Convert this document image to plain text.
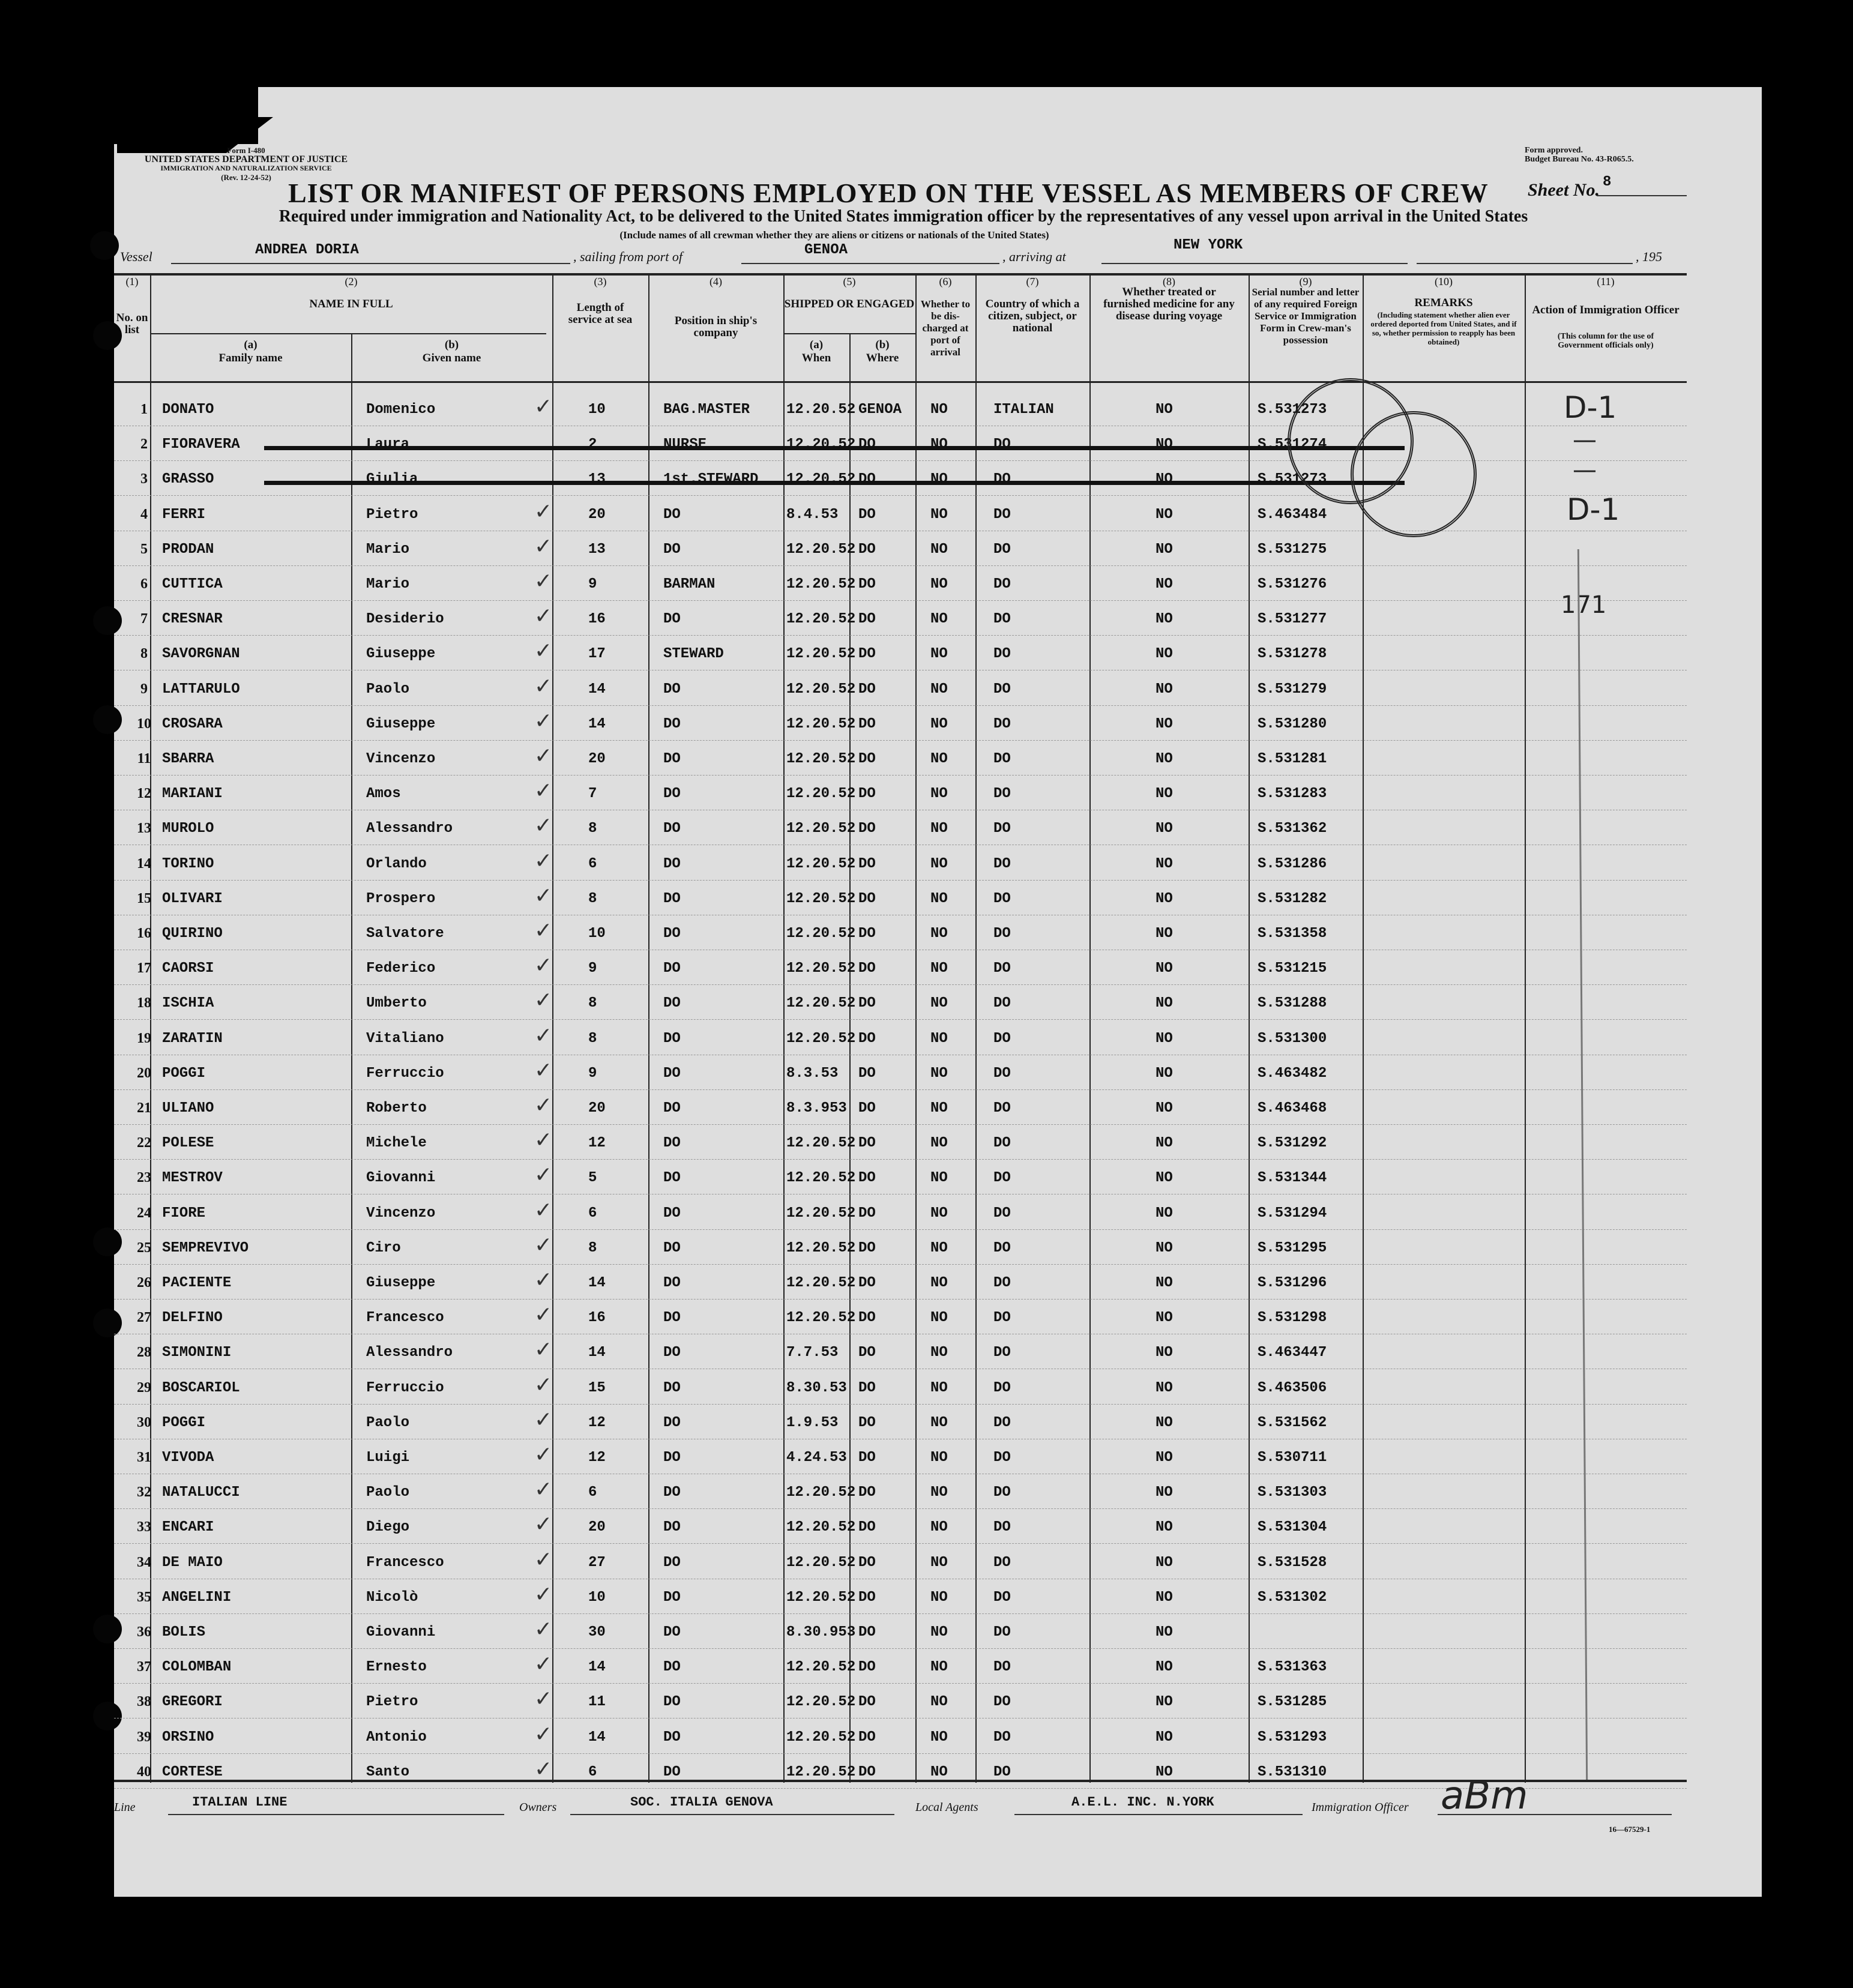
Form I-480
UNITED STATES DEPARTMENT OF JUSTICE
IMMIGRATION AND NATURALIZATION SERVICE
(Rev. 12-24-52)
Form approved.
Budget Bureau No. 43-R065.5.
LIST OR MANIFEST OF PERSONS EMPLOYED ON THE VESSEL AS MEMBERS OF CREW Sheet No. 8
Required under immigration and Nationality Act, to be delivered to the United States immigration officer by the representatives of any vessel upon arrival in the United States
(Include names of all crewman whether they are aliens or citizens or nationals of the United States)
Vessel	ANDREA DORIA	, sailing from port of	GENOA	, arriving at
NEW YORK
, 195
(1)	(2)	(3)	(4)	(5)	(6)	(7)	(8)	(9)	(10)	(11)
No. on list
NAME IN FULL
(a)
Family name
(b)
Given name
Length of service at sea	Position in ship's company
SHIPPED OR ENGAGED
(a)
When
(b)
Where
Whether to be dis-charged at port of arrival
Country of which a citizen, subject, or national
Whether treated or furnished medicine for any disease during voyage
Serial number and letter of any required Foreign Service or Immigration Form in Crew-man's possession
REMARKS
(Including statement whether alien ever ordered deported from United States, and if so, whether permission to reapply has been obtained)
Action of Immigration Officer
(This column for the use of Government officials only)
1	DONATO	Domenico	✓ 10	BAG.MASTER	12.20.52 GENOA NO	ITALIAN	NO	S.531273
2	FIORAVERA	Laura	2	NURSE	12.20.52 DO	NO	DO	NO	S.531274
3	GRASSO	Giulia	13	1st.STEWARD 12.20.52 DO	NO	DO	NO	S.531273
4	FERRI	Pietro	✓ 20	DO	8.4.53 DO	NO	DO	NO	S.463484
5	PRODAN	Mario	✓ 13	DO	12.20.52 DO	NO	DO	NO	S.531275
6	CUTTICA	Mario	✓ 9	BARMAN	12.20.52 DO	NO	DO	NO	S.531276
7	CRESNAR	Desiderio	✓ 16	DO	12.20.52 DO	NO	DO	NO	S.531277
8	SAVORGNAN	Giuseppe	✓ 17	STEWARD	12.20.52 DO	NO	DO	NO	S.531278
9	LATTARULO	Paolo	✓ 14	DO	12.20.52 DO	NO	DO	NO	S.531279
10 CROSARA	Giuseppe	✓ 14	DO	12.20.52 DO	NO	DO	NO	S.531280
11 SBARRA	Vincenzo	✓ 20	DO	12.20.52 DO	NO	DO	NO	S.531281
12 MARIANI	Amos	✓ 7	DO	12.20.52 DO	NO	DO	NO	S.531283
13 MUROLO	Alessandro	✓ 8	DO	12.20.52 DO	NO	DO	NO	S.531362
14 TORINO	Orlando	✓ 6	DO	12.20.52 DO	NO	DO	NO	S.531286
15 OLIVARI	Prospero	✓ 8	DO	12.20.52 DO	NO	DO	NO	S.531282
16 QUIRINO	Salvatore	✓ 10	DO	12.20.52 DO	NO	DO	NO	S.531358
17 CAORSI	Federico	✓ 9	DO	12.20.52 DO	NO	DO	NO	S.531215
18 ISCHIA	Umberto	✓ 8	DO	12.20.52 DO	NO	DO	NO	S.531288
19 ZARATIN	Vitaliano	✓ 8	DO	12.20.52 DO	NO	DO	NO	S.531300
20 POGGI	Ferruccio	✓ 9	DO	8.3.53 DO	NO	DO	NO	S.463482
21 ULIANO	Roberto	✓ 20	DO	8.3.953 DO	NO	DO	NO	S.463468
22 POLESE	Michele	✓ 12	DO	12.20.52 DO	NO	DO	NO	S.531292
23 MESTROV	Giovanni	✓ 5	DO	12.20.52 DO	NO	DO	NO	S.531344
24 FIORE	Vincenzo	✓ 6	DO	12.20.52 DO	NO	DO	NO	S.531294
25 SEMPREVIVO	Ciro	✓ 8	DO	12.20.52 DO	NO	DO	NO	S.531295
26 PACIENTE	Giuseppe	✓ 14	DO	12.20.52 DO	NO	DO	NO	S.531296
27 DELFINO	Francesco	✓ 16	DO	12.20.52 DO	NO	DO	NO	S.531298
28 SIMONINI	Alessandro	✓ 14	DO	7.7.53 DO	NO	DO	NO	S.463447
29 BOSCARIOL	Ferruccio	✓ 15	DO	8.30.53 DO	NO	DO	NO	S.463506
30 POGGI	Paolo	✓ 12	DO	1.9.53 DO	NO	DO	NO	S.531562
31 VIVODA	Luigi	✓ 12	DO	4.24.53 DO	NO	DO	NO	S.530711
32 NATALUCCI	Paolo	✓ 6	DO	12.20.52 DO	NO	DO	NO	S.531303
33 ENCARI	Diego	✓ 20	DO	12.20.52 DO	NO	DO	NO	S.531304
34 DE MAIO	Francesco	✓ 27	DO	12.20.52 DO	NO	DO	NO	S.531528
35 ANGELINI	Nicolò	✓ 10	DO	12.20.52 DO	NO	DO	NO	S.531302
36 BOLIS	Giovanni	✓ 30	DO	8.30.953 DO	NO	DO	NO
37 COLOMBAN	Ernesto	✓ 14	DO	12.20.52 DO	NO	DO	NO	S.531363
38 GREGORI	Pietro	✓ 11	DO	12.20.52 DO	NO	DO	NO	S.531285
39 ORSINO	Antonio	✓ 14	DO	12.20.52 DO	NO	DO	NO	S.531293
40 CORTESE	Santo	✓ 6	DO	12.20.52 DO	NO	DO	NO	S.531310
D-1
—
—
D-1
171
Line	ITALIAN LINE	Owners	SOC. ITALIA GENOVA	Local Agents	A.E.L. INC. N.YORK	Immigration Officer aBm
16—67529-1
